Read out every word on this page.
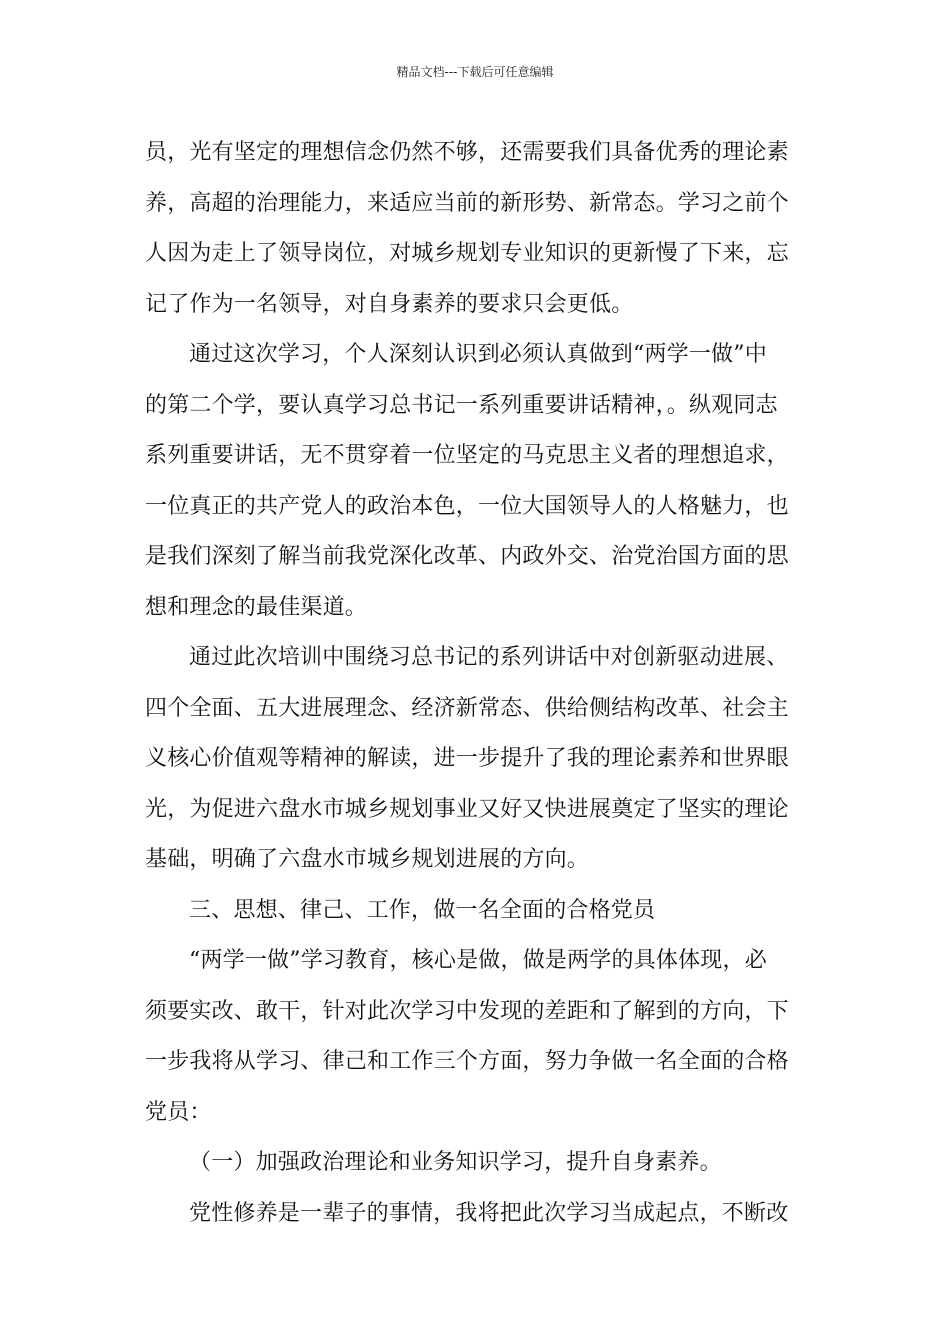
精品文档---下载后可任意编辑
员，光有坚定的理想信念仍然不够，还需要我们具备优秀的理论素
养，高超的治理能力，来适应当前的新形势、新常态。学习之前个
人因为走上了领导岗位，对城乡规划专业知识的更新慢了下来，忘
记了作为一名领导，对自身素养的要求只会更低。
通过这次学习，个人深刻认识到必须认真做到“两学一做”中
的第二个学，要认真学习总书记一系列重要讲话精神，。纵观同志
系列重要讲话，无不贯穿着一位坚定的马克思主义者的理想追求，
一位真正的共产党人的政治本色，一位大国领导人的人格魅力，也
是我们深刻了解当前我党深化改革、内政外交、治党治国方面的思
想和理念的最佳渠道。
通过此次培训中围绕习总书记的系列讲话中对创新驱动进展、
四个全面、五大进展理念、经济新常态、供给侧结构改革、社会主
义核心价值观等精神的解读，进一步提升了我的理论素养和世界眼
光，为促进六盘水市城乡规划事业又好又快进展奠定了坚实的理论
基础，明确了六盘水市城乡规划进展的方向。
三、思想、律己、工作，做一名全面的合格党员
“两学一做”学习教育，核心是做，做是两学的具体体现，必
须要实改、敢干，针对此次学习中发现的差距和了解到的方向，下
一步我将从学习、律己和工作三个方面，努力争做一名全面的合格
党员：
（一）加强政治理论和业务知识学习，提升自身素养。
党性修养是一辈子的事情，我将把此次学习当成起点，不断改
